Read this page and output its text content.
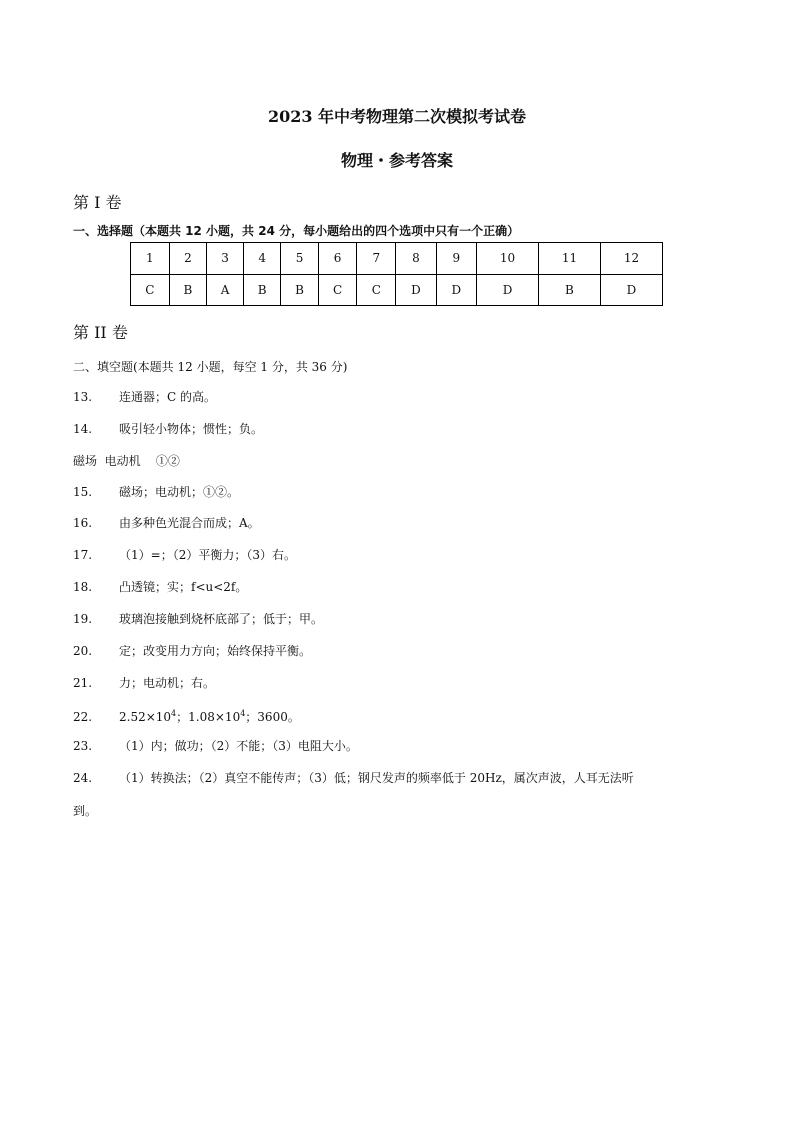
2023 年中考物理第二次模拟考试卷
物理・参考答案
第 I 卷
一、选择题（本题共 12 小题，共 24 分，每小题给出的四个选项中只有一个正确）
1	2	3	4	5	6	7	8	9	10	11	12
C	B	A	B	B	C	C	D	D	D	B	D
第 II 卷
二、填空题(本题共 12 小题，每空 1 分，共 36 分)
13. 连通器；C 的高。
14. 吸引轻小物体；惯性；负。
磁场  电动机    ①②
15. 磁场；电动机；①②。
16. 由多种色光混合而成；A。
17. （1）=；（2）平衡力；（3）右。
18. 凸透镜；实；f<u<2f。
19. 玻璃泡接触到烧杯底部了；低于；甲。
20. 定；改变用力方向；始终保持平衡。
21. 力；电动机；右。
22. $2.52\times 10^4$；$1.08\times 10^4$；3600。
23. （1）内；做功；（2）不能；（3）电阻大小。
24. （1）转换法；（2）真空不能传声；（3）低；钢尺发声的频率低于 20Hz，属次声波，人耳无法听
到。
